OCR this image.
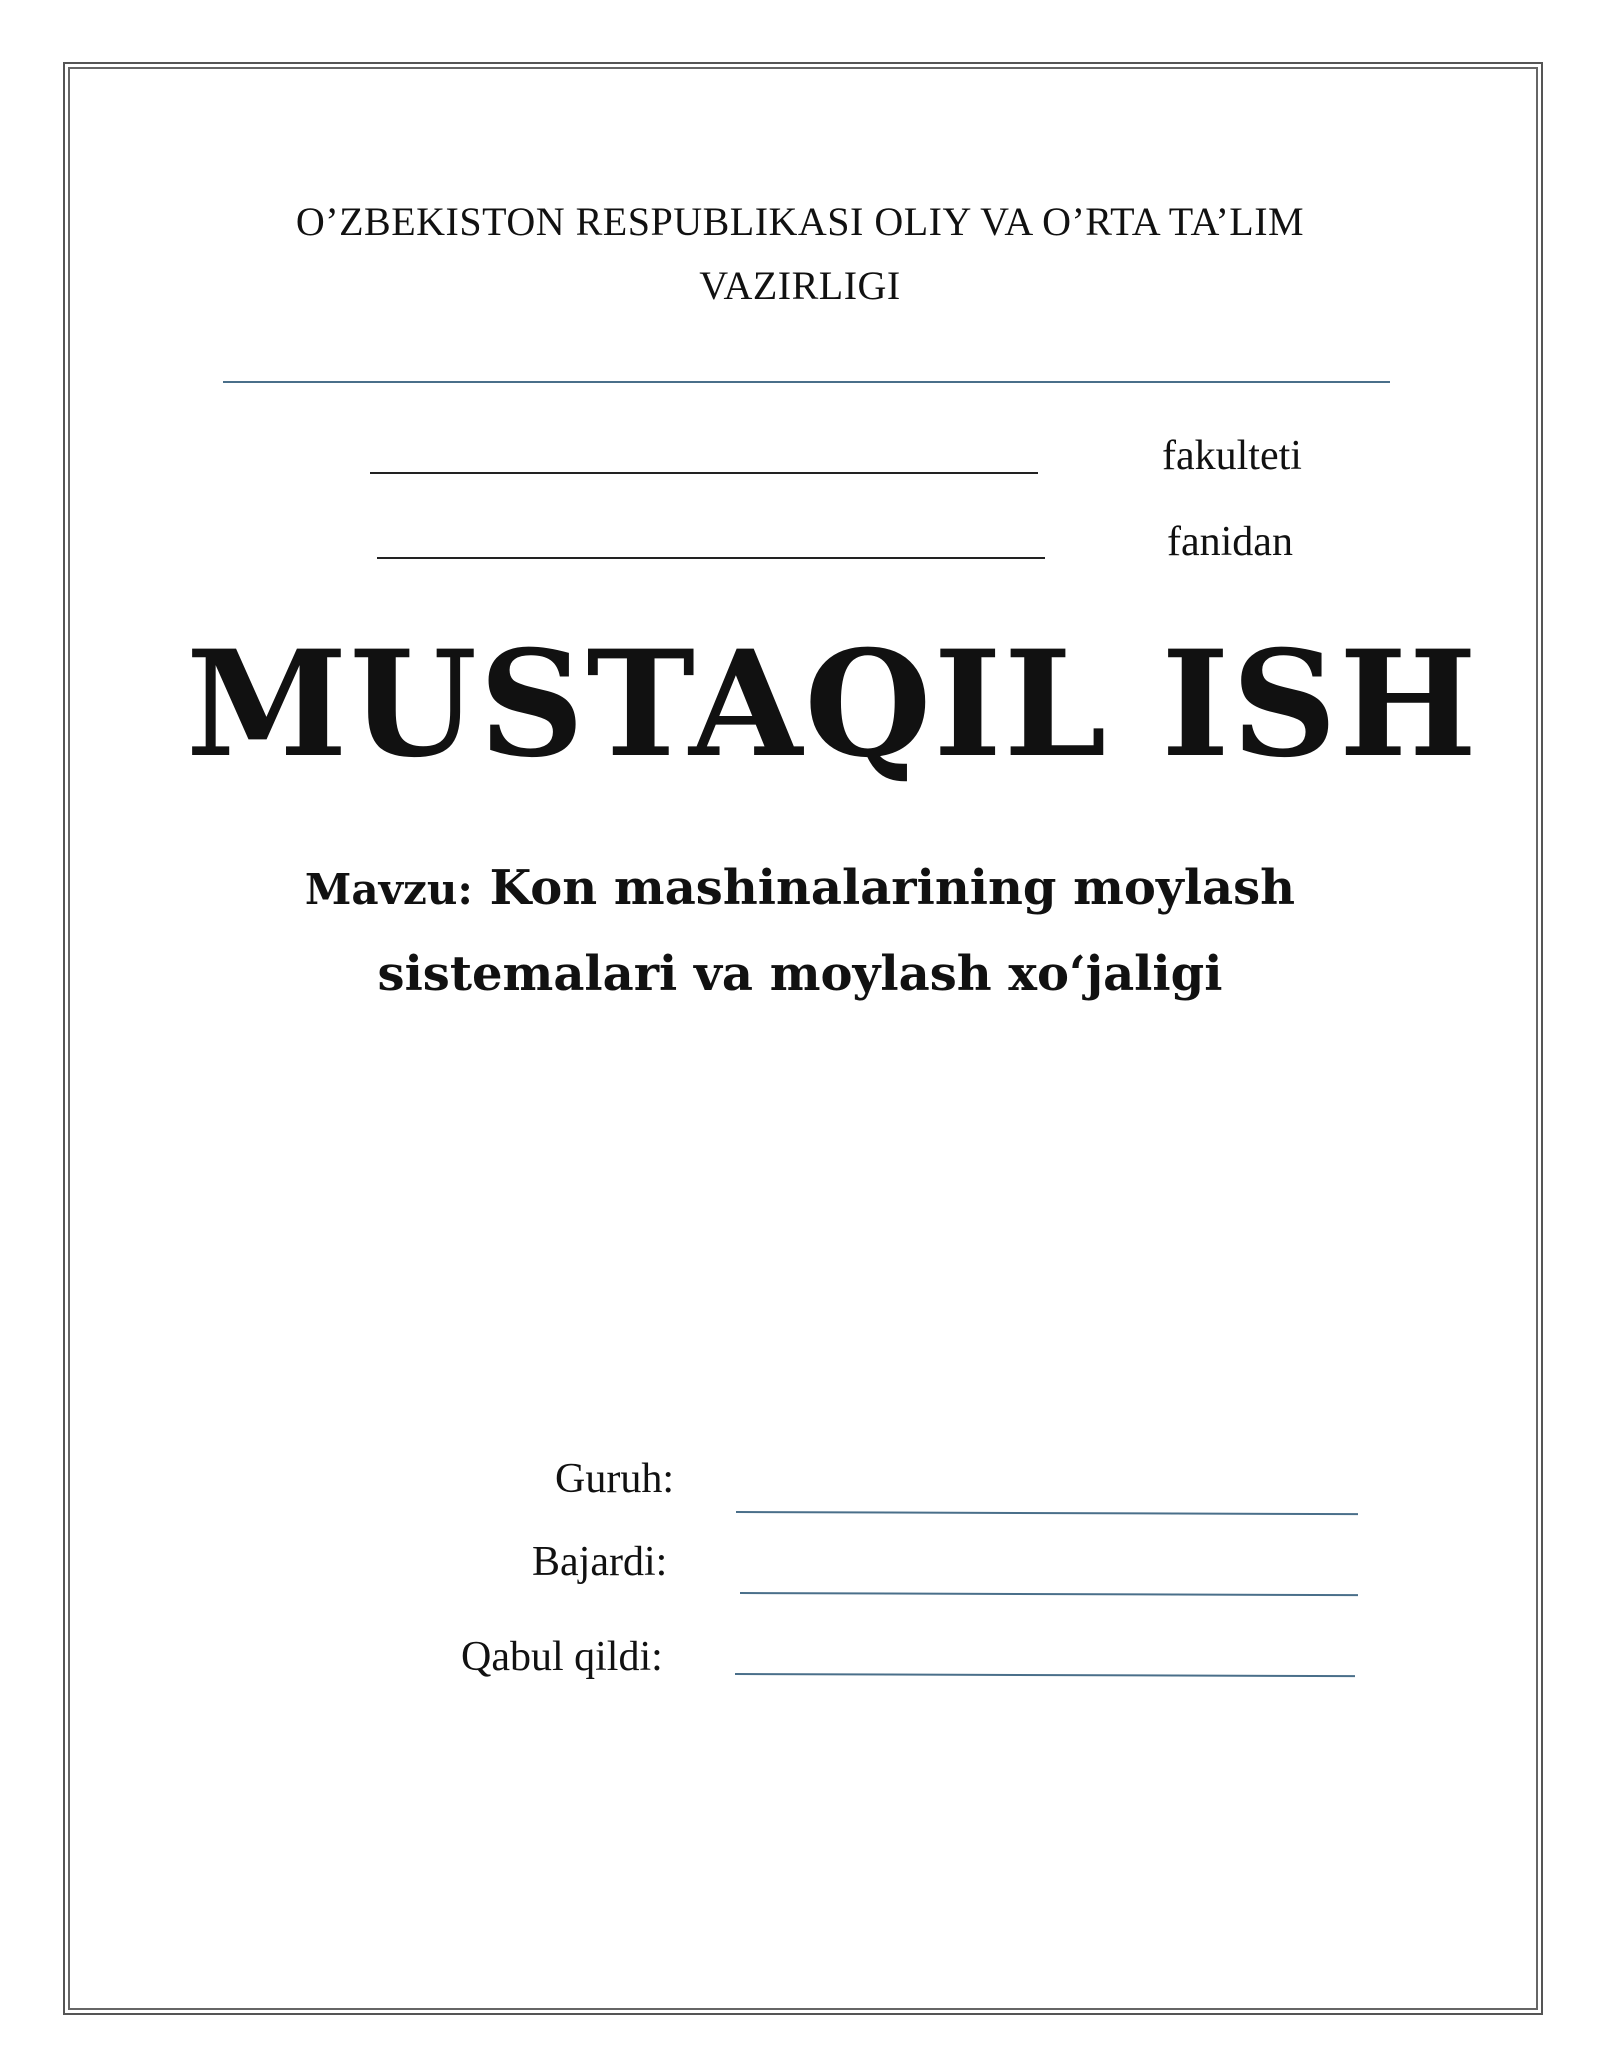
O’ZBEKISTON RESPUBLIKASI OLIY VA O’RTA TA’LIM
VAZIRLIGI
fakulteti
fanidan
MUSTAQIL ISH
Mavzu: Kon mashinalarining moylash
sistemalari va moylash xo‘jaligi
Guruh:
Bajardi:
Qabul qildi:
